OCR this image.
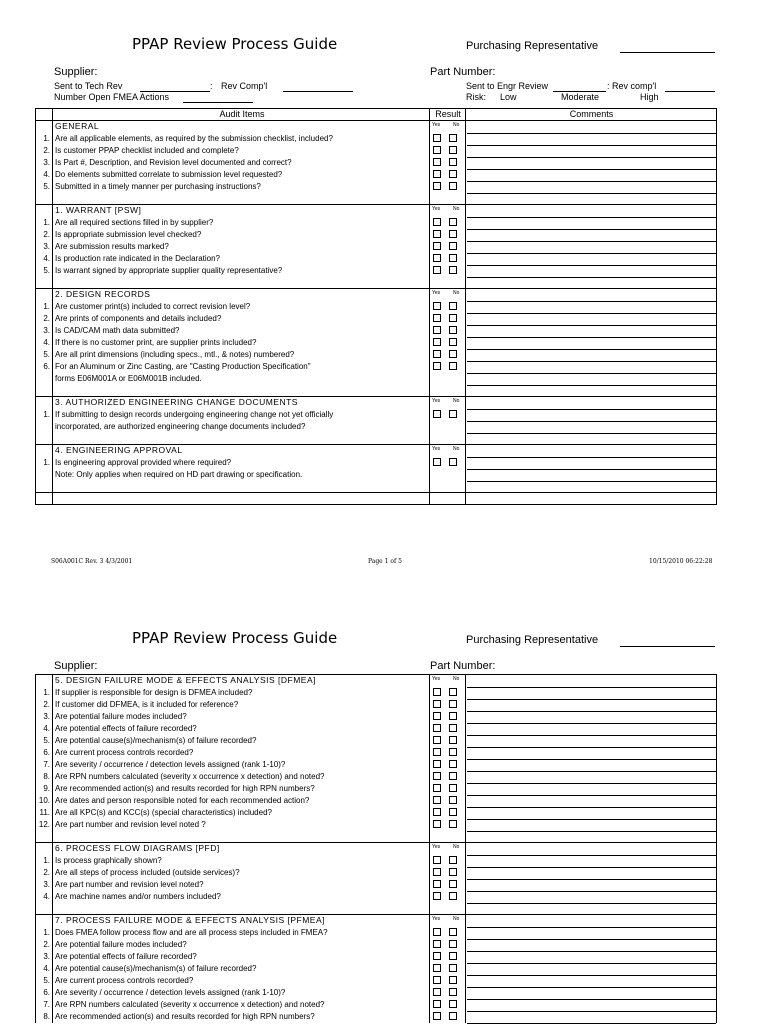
PPAP Review Process Guide	Purchasing Representative
Supplier:	Part Number:
Sent to Tech Rev	: Rev Comp'l
Number Open FMEA Actions
Sent to Engr Review	: Rev comp'l
Risk: Low	Moderate	High
Audit Items	Result	Comments
GENERAL	Yes	No
1. Are all applicable elements, as required by the submission checklist, included?
2. Is customer PPAP checklist included and complete?
3. Is Part #, Description, and Revision level documented and correct?
4. Do elements submitted correlate to submission level requested?
5. Submitted in a timely manner per purchasing instructions?
1. WARRANT [PSW]	Yes	No
1. Are all required sections filled in by supplier?
2. Is appropriate submission level checked?
3. Are submission results marked?
4. Is production rate indicated in the Declaration?
5. Is warrant signed by appropriate supplier quality representative?
2. DESIGN RECORDS	Yes	No
1. Are customer print(s) included to correct revision level?
2. Are prints of components and details included?
3. Is CAD/CAM math data submitted?
4. If there is no customer print, are supplier prints included?
5. Are all print dimensions (including specs., mtl., & notes) numbered?
6. For an Aluminum or Zinc Casting, are "Casting Production Specification"
forms E06M001A or E06M001B included.
3. AUTHORIZED ENGINEERING CHANGE DOCUMENTS	Yes	No
1. If submitting to design records undergoing engineering change not yet officially
incorporated, are authorized engineering change documents included?
4. ENGINEERING APPROVAL	Yes	No
1. Is engineering approval provided where required?
Note: Only applies when required on HD part drawing or specification.
S06A001C Rev. 3 4/3/2001	Page 1 of 5	10/15/2010 06:22:28
PPAP Review Process Guide	Purchasing Representative
Supplier:	Part Number:
5. DESIGN FAILURE MODE & EFFECTS ANALYSIS [DFMEA]	Yes	No
1. If supplier is responsible for design is DFMEA included?
2. If customer did DFMEA, is it included for reference?
3. Are potential failure modes included?
4. Are potential effects of failure recorded?
5. Are potential cause(s)/mechanism(s) of failure recorded?
6. Are current process controls recorded?
7. Are severity / occurrence / detection levels assigned (rank 1-10)?
8. Are RPN numbers calculated (severity x occurrence x detection) and noted?
9. Are recommended action(s) and results recorded for high RPN numbers?
10. Are dates and person responsible noted for each recommended action?
11. Are all KPC(s) and KCC(s) (special characteristics) included?
12. Are part number and revision level noted ?
6. PROCESS FLOW DIAGRAMS [PFD]	Yes	No
1. Is process graphically shown?
2. Are all steps of process included (outside services)?
3. Are part number and revision level noted?
4. Are machine names and/or numbers included?
7. PROCESS FAILURE MODE & EFFECTS ANALYSIS [PFMEA]	Yes	No
1. Does FMEA follow process flow and are all process steps included in FMEA?
2. Are potential failure modes included?
3. Are potential effects of failure recorded?
4. Are potential cause(s)/mechanism(s) of failure recorded?
5. Are current process controls recorded?
6. Are severity / occurrence / detection levels assigned (rank 1-10)?
7. Are RPN numbers calculated (severity x occurrence x detection) and noted?
8. Are recommended action(s) and results recorded for high RPN numbers?
